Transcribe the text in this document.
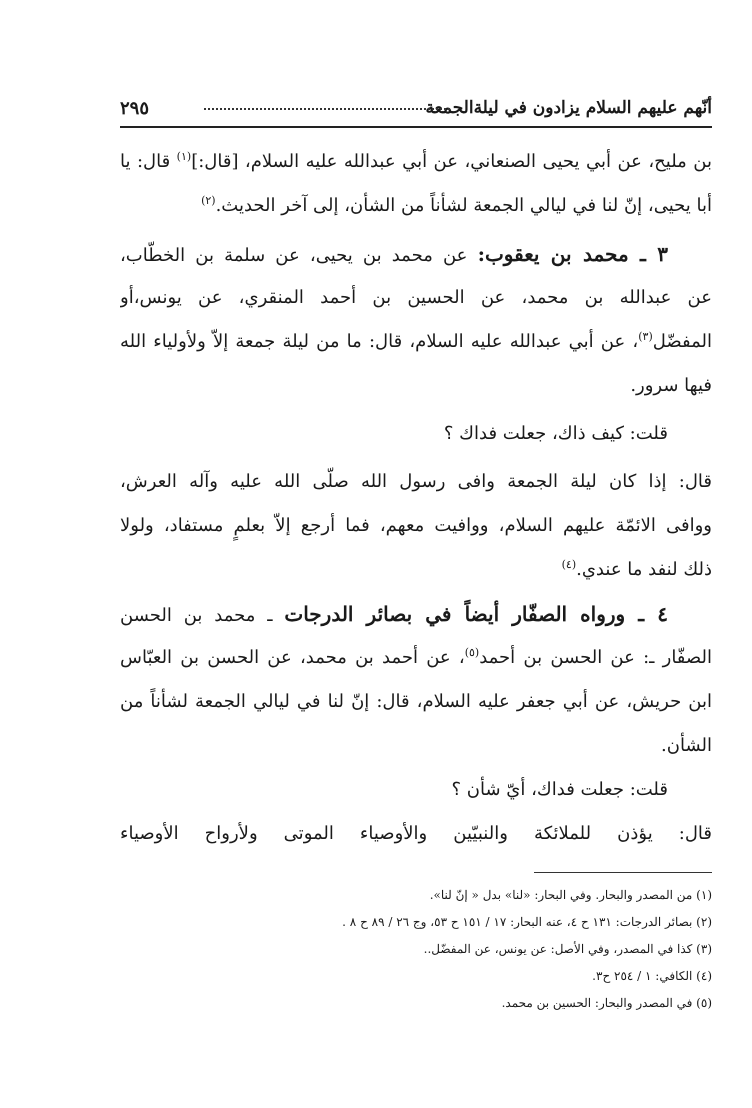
أنّهم عليهم السلام يزادون في ليلةالجمعة
٢٩٥
بن مليح، عن أبي يحيى الصنعاني، عن أبي عبدالله عليه السلام، [قال:]$^{(١)}$ قال: يا
أبا يحيى، إنّ لنا في ليالي الجمعة لشأناً من الشأن، إلى آخر الحديث.$^{(٢)}$
٣ ـ محمد بن يعقوب: عن محمد بن يحيى، عن سلمة بن الخطّاب،
عن عبدالله بن محمد، عن الحسين بن أحمد المنقري، عن يونس،أو
المفضّل$^{(٣)}$، عن أبي عبدالله عليه السلام، قال: ما من ليلة جمعة إلاّ ولأولياء الله
فيها سرور.
قلت: كيف ذاك، جعلت فداك ؟
قال: إذا كان ليلة الجمعة وافى رسول الله صلّى الله عليه وآله العرش،
ووافى الائمّة عليهم السلام، ووافيت معهم، فما أرجع إلاّ بعلمٍ مستفاد، ولولا
ذلك لنفد ما عندي.$^{(٤)}$
٤ ـ ورواه الصفّار أيضاً في بصائر الدرجات ـ محمد بن الحسن
الصفّار ـ: عن الحسن بن أحمد$^{(٥)}$، عن أحمد بن محمد، عن الحسن بن العبّاس
ابن حريش، عن أبي جعفر عليه السلام، قال: إنّ لنا في ليالي الجمعة لشأناً من
الشأن.
قلت: جعلت فداك، أيّ شأن ؟
قال: يؤذن للملائكة والنبيّين والأوصياء الموتى ولأرواح الأوصياء
(١) من المصدر والبحار. وفي البحار: «لنا» بدل « إنّ لنا».
(٢) بصائر الدرجات: ١٣١ ح ٤، عنه البحار: ١٧ / ١٥١ ح ٥٣، وج ٢٦ / ٨٩ ح ٨ .
(٣) كذا في المصدر، وفي الأصل: عن يونس، عن المفضّل..
(٤) الكافي: ١ / ٢٥٤ ح٣.
(٥) في المصدر والبحار: الحسين بن محمد.
